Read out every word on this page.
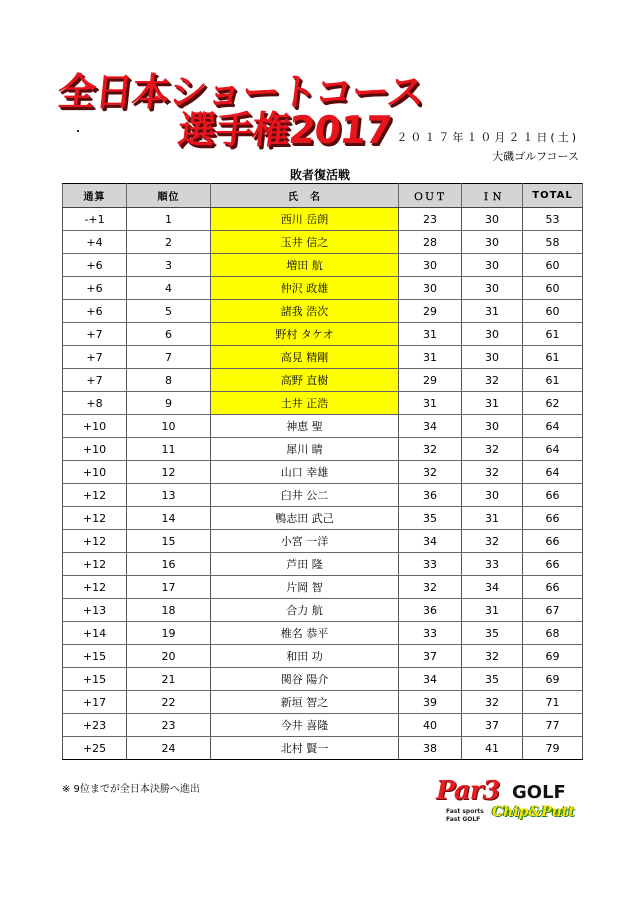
全日本ショートコース
選手権2017 ２０１７年１０月２１日(土)
大磯ゴルフコース
敗者復活戦
通算	順位	氏　名	ＯＵＴ	ＩＮ	TOTAL
-+1	1	西川 岳朗	23	30	53
+4	2	玉井 信之	28	30	58
+6	3	増田 航	30	30	60
+6	4	仲沢 政雄	30	30	60
+6	5	諸我 浩次	29	31	60
+7	6	野村 タケオ	31	30	61
+7	7	高見 精剛	31	30	61
+7	8	高野 直樹	29	32	61
+8	9	土井 正浩	31	31	62
+10	10	神恵 聖	34	30	64
+10	11	犀川 睛	32	32	64
+10	12	山口 幸雄	32	32	64
+12	13	臼井 公二	36	30	66
+12	14	鴨志田 武己	35	31	66
+12	15	小宮 一洋	34	32	66
+12	16	芦田 隆	33	33	66
+12	17	片岡 智	32	34	66
+13	18	合力 航	36	31	67
+14	19	椎名 恭平	33	35	68
+15	20	和田 功	37	32	69
+15	21	関谷 陽介	34	35	69
+17	22	新垣 智之	39	32	71
+23	23	今井 喜隆	40	37	77
+25	24	北村 賢一	38	41	79
※ 9位までが全日本決勝へ進出	Par3 GOLF
Fast sports
Fast GOLF Chip&Putt
